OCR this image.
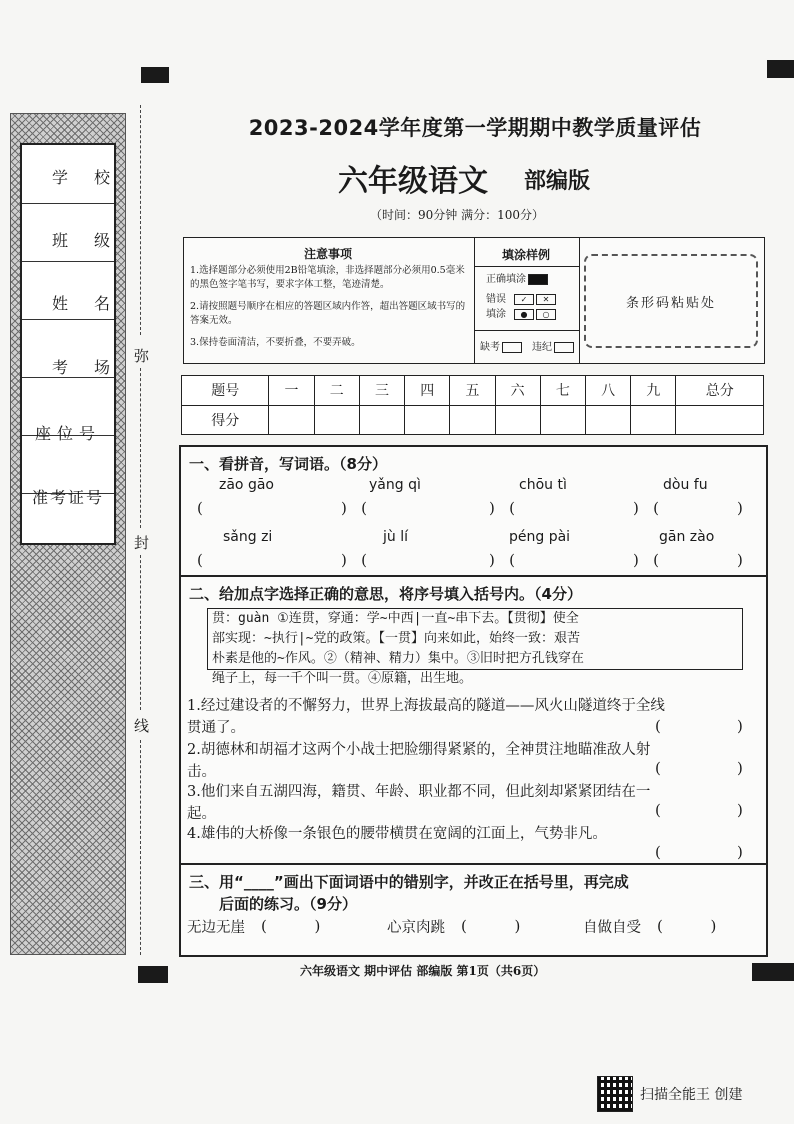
学校
班级
姓名
考场
座位号
准考证号
弥
封
线
2023-2024学年度第一学期期中教学质量评估
六年级语文 部编版
（时间：90分钟 满分：100分）
注意事项
1.选择题部分必须使用2B铅笔填涂，非选择题部分必须用0.5毫米的黑色签字笔书写，要求字体工整，笔迹清楚。
2.请按照题号顺序在相应的答题区域内作答，超出答题区域书写的答案无效。
3.保持卷面清洁，不要折叠，不要弄破。
填涂样例
正确填涂
错误 ✓ ✕
填涂 ● ○
缺考	违纪
条形码粘贴处
题号	一	二	三	四	五	六	七	八	九	总分
得分										
一、看拼音，写词语。（8分）
zāo gāo	yǎng qì	chōu tì	dòu fu
(	)   (	)   (	)   (	)
sǎng zi	jù lí	péng pài	gān zào
(	)   (	)   (	)   (	)
二、给加点字选择正确的意思，将序号填入括号内。（4分）
贯：guàn ①连贯，穿通：学~中西|一直~串下去。【贯彻】使全
部实现：~执行|~党的政策。【一贯】向来如此，始终一致：艰苦
朴素是他的~作风。②（精神、精力）集中。③旧时把方孔钱穿在
绳子上，每一千个叫一贯。④原籍，出生地。
1.经过建设者的不懈努力，世界上海拔最高的隧道——风火山隧道终于全线
贯通了。	(	)
2.胡德林和胡福才这两个小战士把脸绷得紧紧的，全神贯注地瞄准敌人射
击。	(	)
3.他们来自五湖四海，籍贯、年龄、职业都不同，但此刻却紧紧团结在一
起。	(	)
4.雄伟的大桥像一条银色的腰带横贯在宽阔的江面上，气势非凡。
(	)
三、用“____”画出下面词语中的错别字，并改正在括号里，再完成
后面的练习。（9分）
无边无崖 (          )	心京肉跳 (          )	自做自受 (          )
六年级语文 期中评估 部编版 第1页（共6页）
扫描全能王 创建
